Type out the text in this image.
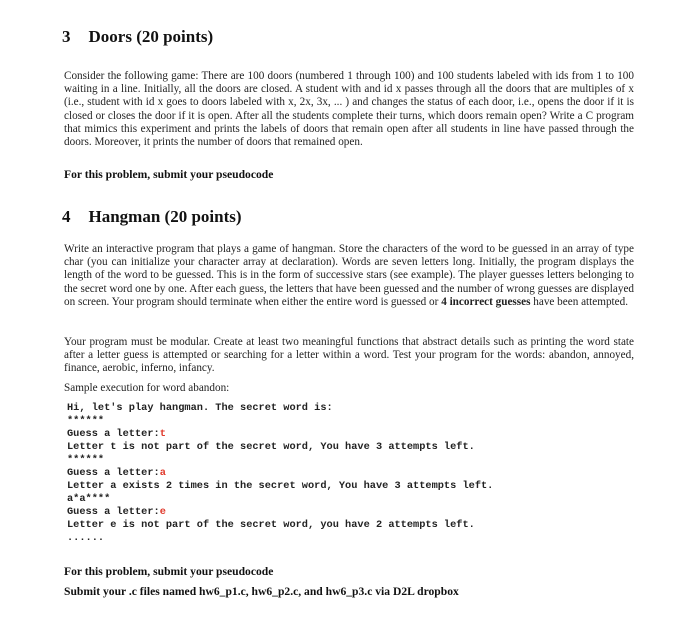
3 Doors (20 points)

Consider the following game: There are 100 doors (numbered 1 through 100) and 100 students labeled with ids from 1 to 100 waiting in a line. Initially, all the doors are closed. A student with and id x passes through all the doors that are multiples of x (i.e., student with id x goes to doors labeled with x, 2x, 3x, ... ) and changes the status of each door, i.e., opens the door if it is closed or closes the door if it is open. After all the students complete their turns, which doors remain open? Write a C program that mimics this experiment and prints the labels of doors that remain open after all students in line have passed through the doors. Moreover, it prints the number of doors that remained open.

For this problem, submit your pseudocode

4 Hangman (20 points)

Write an interactive program that plays a game of hangman. Store the characters of the word to be guessed in an array of type char (you can initialize your character array at declaration). Words are seven letters long. Initially, the program displays the length of the word to be guessed. This is in the form of successive stars (see example). The player guesses letters belonging to the secret word one by one. After each guess, the letters that have been guessed and the number of wrong guesses are displayed on screen. Your program should terminate when either the entire word is guessed or 4 incorrect guesses have been attempted.

Your program must be modular. Create at least two meaningful functions that abstract details such as printing the word state after a letter guess is attempted or searching for a letter within a word. Test your program for the words: abandon, annoyed, finance, aerobic, inferno, infancy.

Sample execution for word abandon:

Hi, let's play hangman. The secret word is:
******
Guess a letter:t
Letter t is not part of the secret word, You have 3 attempts left.
******
Guess a letter:a
Letter a exists 2 times in the secret word, You have 3 attempts left.
a*a****
Guess a letter:e
Letter e is not part of the secret word, you have 2 attempts left.
......

For this problem, submit your pseudocode

Submit your .c files named hw6_p1.c, hw6_p2.c, and hw6_p3.c via D2L dropbox
